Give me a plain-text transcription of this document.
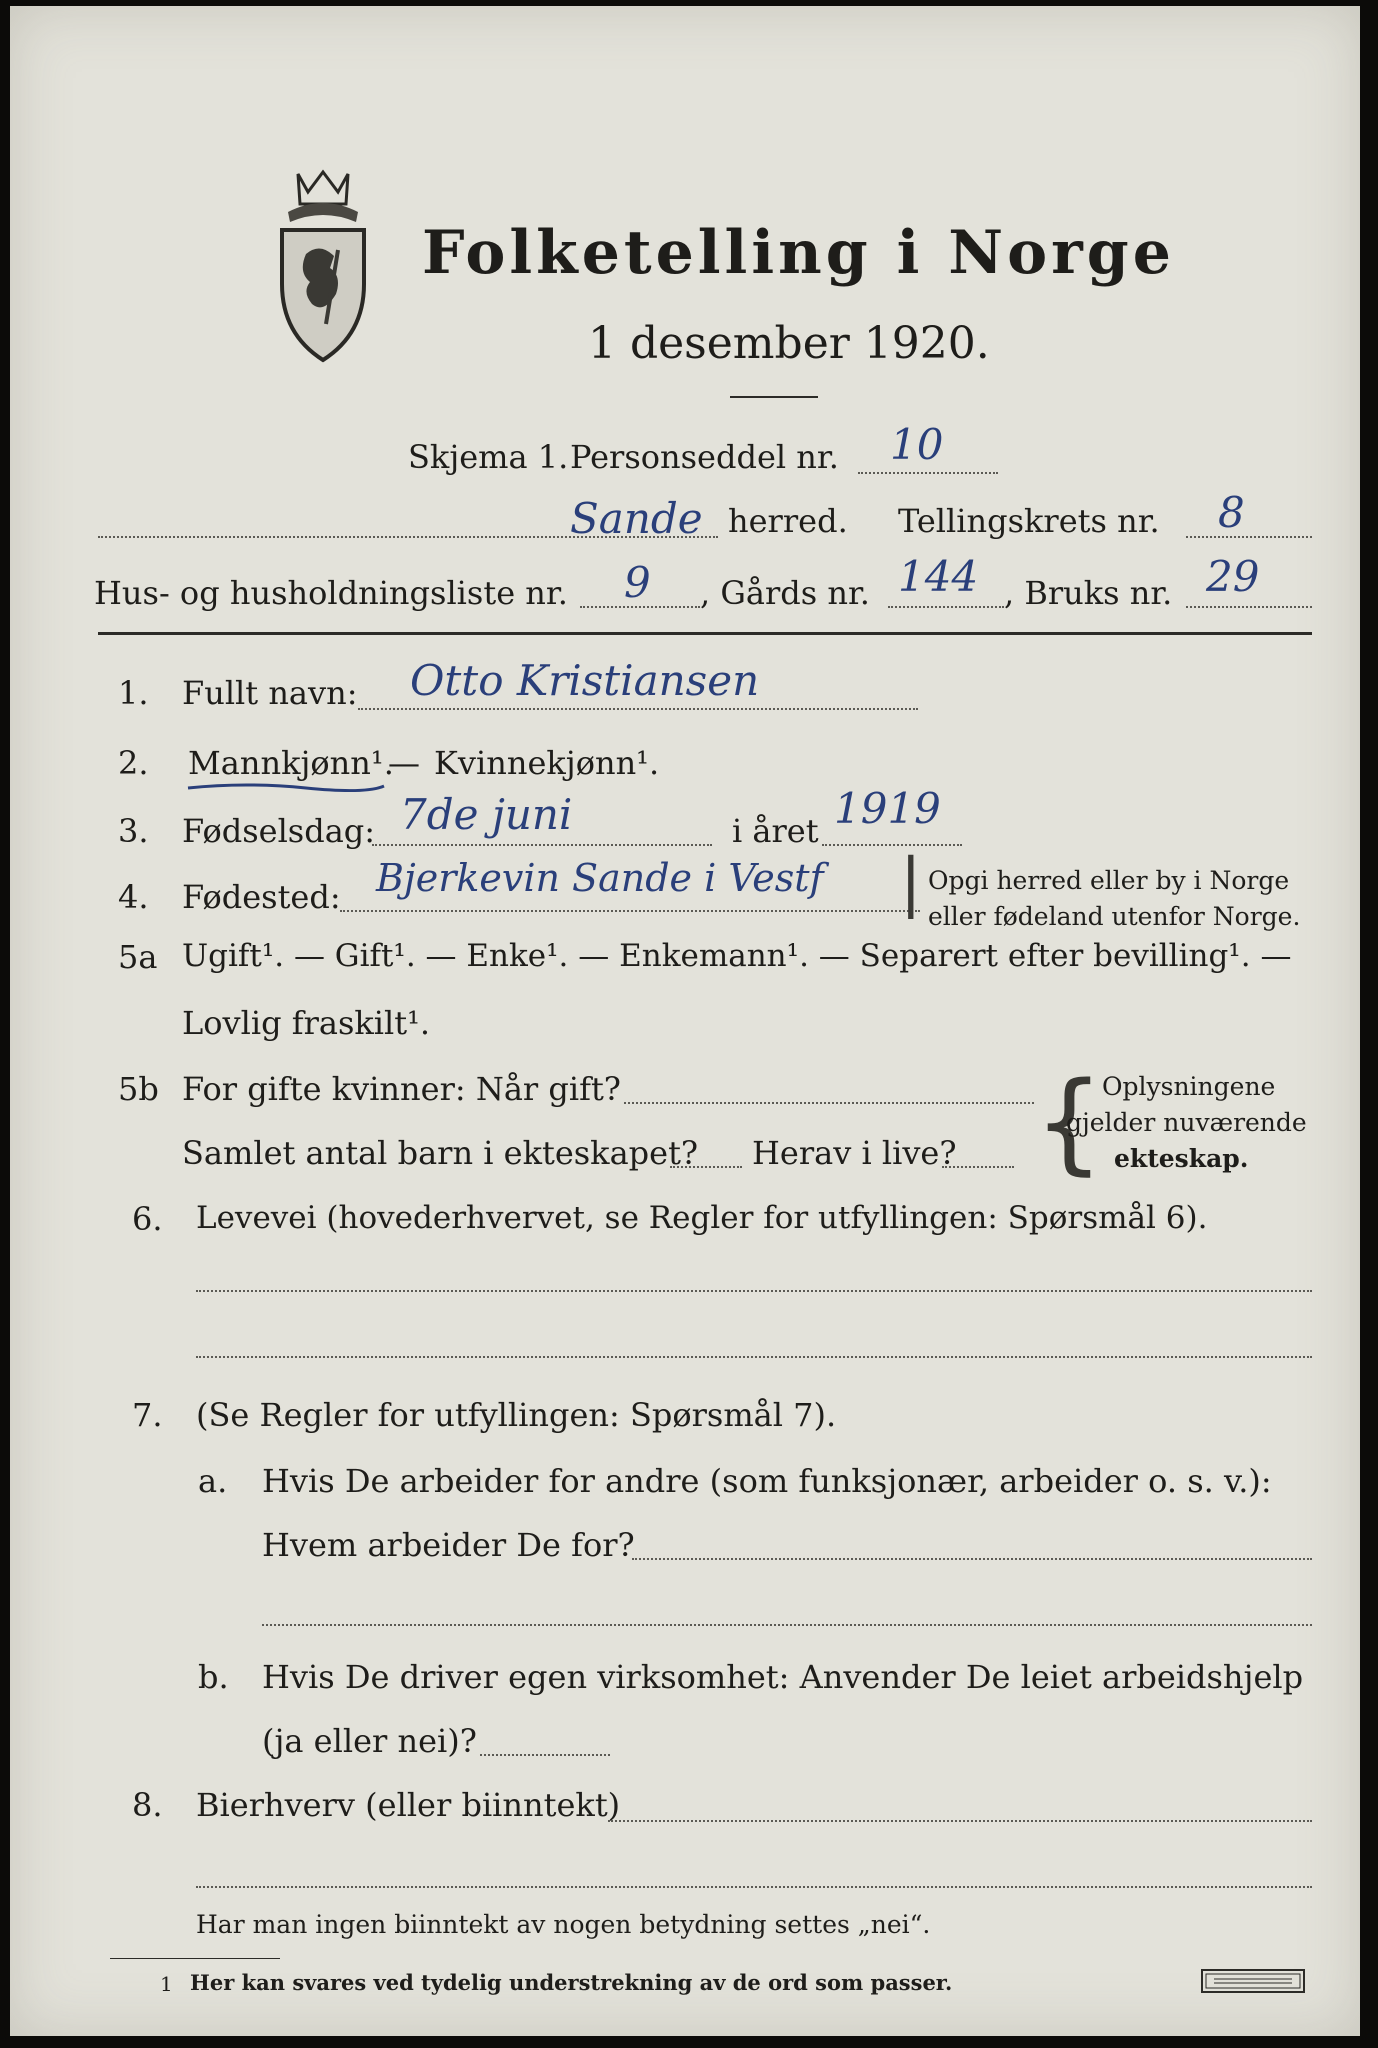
Folketelling i Norge
1 desember 1920.
Skjema 1. Personseddel nr. 10
Sande herred. Tellingskrets nr. 8
Hus- og husholdningsliste nr. 9 , Gårds nr. 144 , Bruks nr. 29
1. Fullt navn: Otto Kristiansen
2. Mannkjønn¹.
— Kvinnekjønn¹.
3. Fødselsdag: 7de juni	i året 1919
4. Fødested: Bjerkevin Sande i Vestf | Opgi herred eller by i Norge
eller fødeland utenfor Norge.
5a Ugift¹. — Gift¹. — Enke¹. — Enkemann¹. — Separert efter bevilling¹. —
Lovlig fraskilt¹.
5b For gifte kvinner: Når gift?
Samlet antal barn i ekteskapet? Herav i live? {
Oplysningene
gjelder nuværende
ekteskap.
6. Levevei (hovederhvervet, se Regler for utfyllingen: Spørsmål 6).
7. (Se Regler for utfyllingen: Spørsmål 7).
a. Hvis De arbeider for andre (som funksjonær, arbeider o. s. v.):
Hvem arbeider De for?
b. Hvis De driver egen virksomhet: Anvender De leiet arbeidshjelp
(ja eller nei)?
8. Bierhverv (eller biinntekt)
Har man ingen biinntekt av nogen betydning settes „nei“.
1 Her kan svares ved tydelig understrekning av de ord som passer.
